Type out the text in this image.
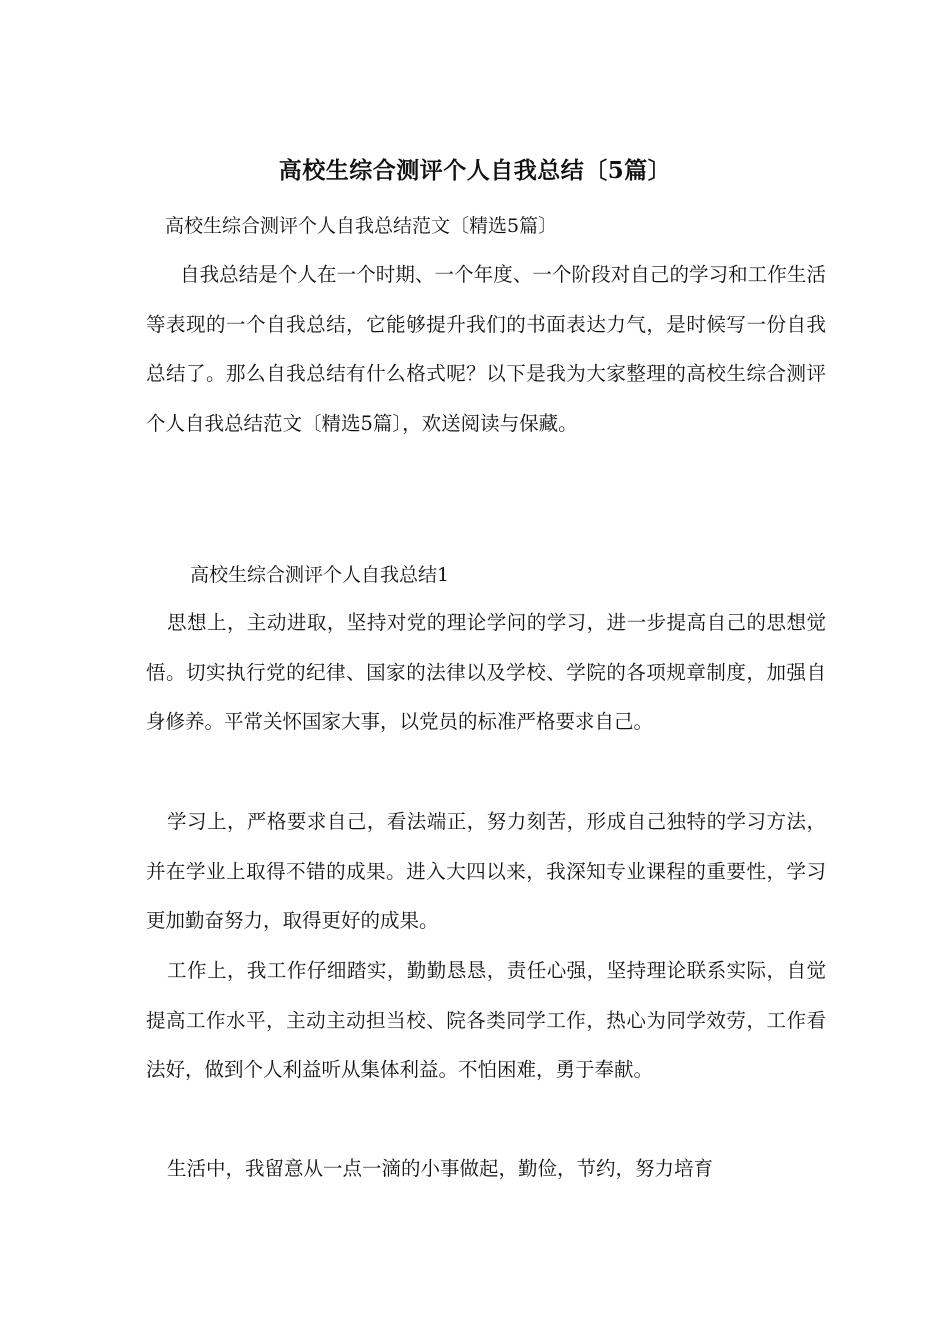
高校生综合测评个人自我总结〔5篇〕
高校生综合测评个人自我总结范文〔精选5篇〕

自我总结是个人在一个时期、一个年度、一个阶段对自己的学习和工作生活等表现的一个自我总结，它能够提升我们的书面表达力气，是时候写一份自我总结了。那么自我总结有什么格式呢？以下是我为大家整理的高校生综合测评个人自我总结范文〔精选5篇〕，欢送阅读与保藏。

高校生综合测评个人自我总结1

思想上，主动进取，坚持对党的理论学问的学习，进一步提高自己的思想觉悟。切实执行党的纪律、国家的法律以及学校、学院的各项规章制度，加强自身修养。平常关怀国家大事，以党员的标准严格要求自己。

学习上，严格要求自己，看法端正，努力刻苦，形成自己独特的学习方法，并在学业上取得不错的成果。进入大四以来，我深知专业课程的重要性，学习更加勤奋努力，取得更好的成果。

工作上，我工作仔细踏实，勤勤恳恳，责任心强，坚持理论联系实际，自觉提高工作水平，主动主动担当校、院各类同学工作，热心为同学效劳，工作看法好，做到个人利益听从集体利益。不怕困难，勇于奉献。

生活中，我留意从一点一滴的小事做起，勤俭，节约，努力培育
